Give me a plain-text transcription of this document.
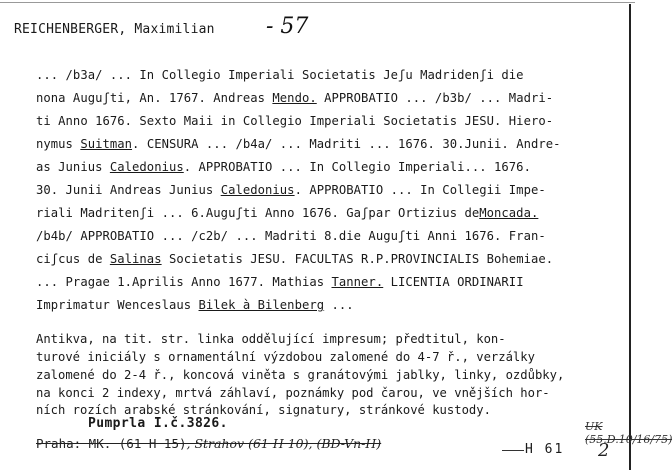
REICHENBERGER, Maximilian - 57
... /b3a/ ... In Collegio Imperiali Societatis Jeʃu Madridenʃi die
nona Auguʃti, An. 1767. Andreas Mendo. APPROBATIO ... /b3b/ ... Madri-
ti Anno 1676. Sexto Maii in Collegio Imperiali Societatis JESU. Hiero-
nymus Suitman. CENSURA ... /b4a/ ... Madriti ... 1676. 30.Junii. Andre-
as Junius Caledonius. APPROBATIO ... In Collegio Imperiali... 1676.
30. Junii Andreas Junius Caledonius. APPROBATIO ... In Collegii Impe-
riali Madritenʃi ... 6.Auguʃti Anno 1676. Gaʃpar Ortizius deMoncada.
/b4b/ APPROBATIO ... /c2b/ ... Madriti 8.die Auguʃti Anni 1676. Fran-
ciʃcus de Salinas Societatis JESU. FACULTAS R.P.PROVINCIALIS Bohemiae.
... Pragae 1.Aprilis Anno 1677. Mathias Tanner. LICENTIA ORDINARII
Imprimatur Wenceslaus Bilek à Bilenberg ...
Antikva, na tit. str. linka oddělující impresum; předtitul, kon-
turové iniciály s ornamentální výzdobou zalomené do 4-7 ř., verzálky
zalomené do 2-4 ř., koncová viněta s granátovými jablky, linky, ozdůbky,
na konci 2 indexy, mrtvá záhlaví, poznámky pod čarou, ve vnějších hor-
ních rozích arabské stránkování, signatury, stránkové kustody.
Pumprla I.č.3826.
Praha: MK. (61 H 15), Strahov (61 H 10), (BD-Vn-H)
UK (55.D.10/16/75)
H 61 2
